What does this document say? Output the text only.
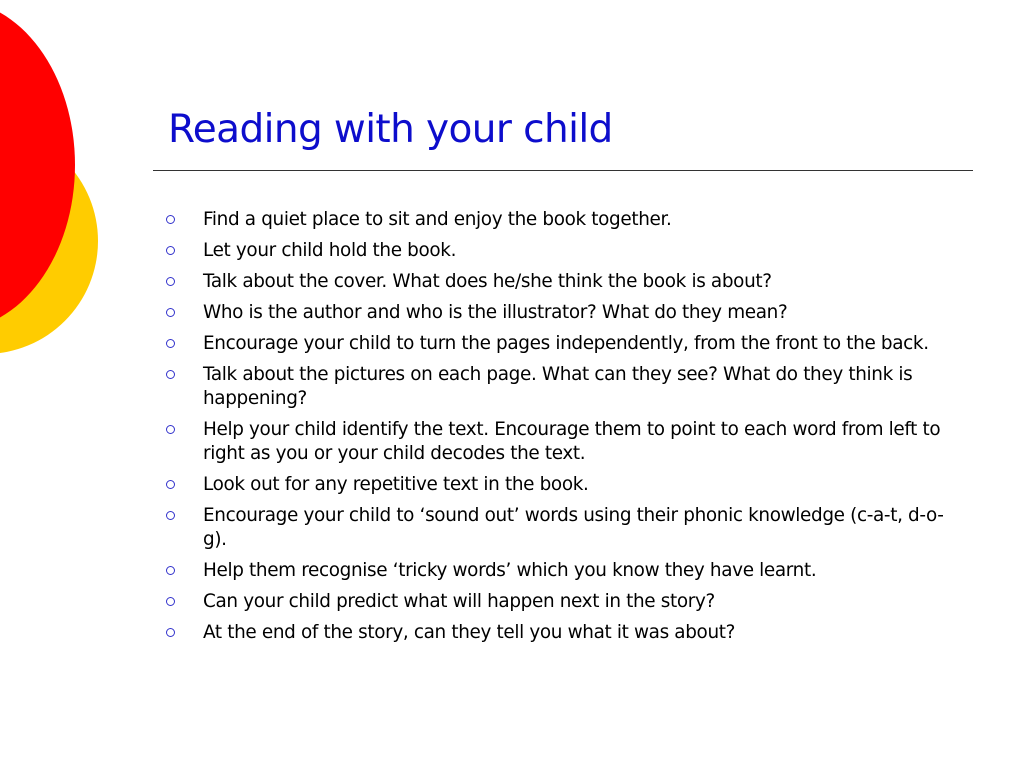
Reading with your child
Find a quiet place to sit and enjoy the book together.
Let your child hold the book.
Talk about the cover. What does he/she think the book is about?
Who is the author and who is the illustrator? What do they mean?
Encourage your child to turn the pages independently, from the front to the back.
Talk about the pictures on each page. What can they see? What do they think is happening?
Help your child identify the text. Encourage them to point to each word from left to right as you or your child decodes the text.
Look out for any repetitive text in the book.
Encourage your child to ‘sound out’ words using their phonic knowledge (c-a-t, d-o-g).
Help them recognise ‘tricky words’ which you know they have learnt.
Can your child predict what will happen next in the story?
At the end of the story, can they tell you what it was about?
